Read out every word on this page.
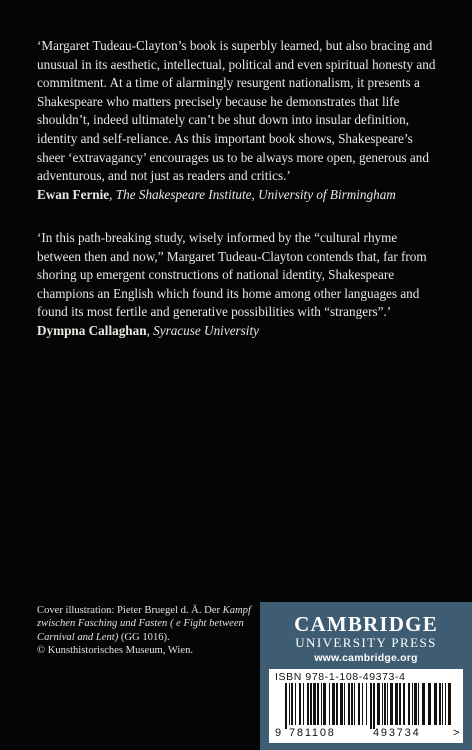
‘Margaret Tudeau-Clayton’s book is superbly learned, but also bracing and unusual in its aesthetic, intellectual, political and even spiritual honesty and commitment. At a time of alarmingly resurgent nationalism, it presents a Shakespeare who matters precisely because he demonstrates that life shouldn’t, indeed ultimately can’t be shut down into insular definition, identity and self-reliance. As this important book shows, Shakespeare’s sheer ‘extravagancy’ encourages us to be always more open, generous and adventurous, and not just as readers and critics.’

Ewan Fernie, The Shakespeare Institute, University of Birmingham

‘In this path-breaking study, wisely informed by the “cultural rhyme between then and now,” Margaret Tudeau-Clayton contends that, far from shoring up emergent constructions of national identity, Shakespeare champions an English which found its home among other languages and found its most fertile and generative possibilities with “strangers”.’

Dympna Callaghan, Syracuse University

Cover illustration: Pieter Bruegel d. Ä. Der Kampf zwischen Fasching und Fasten ( e Fight between Carnival and Lent) (GG 1016).
© Kunsthistorisches Museum, Wien.
CAMBRIDGE
UNIVERSITY PRESS
www.cambridge.org
ISBN 978-1-108-49373-4
9 781108	493734	>
